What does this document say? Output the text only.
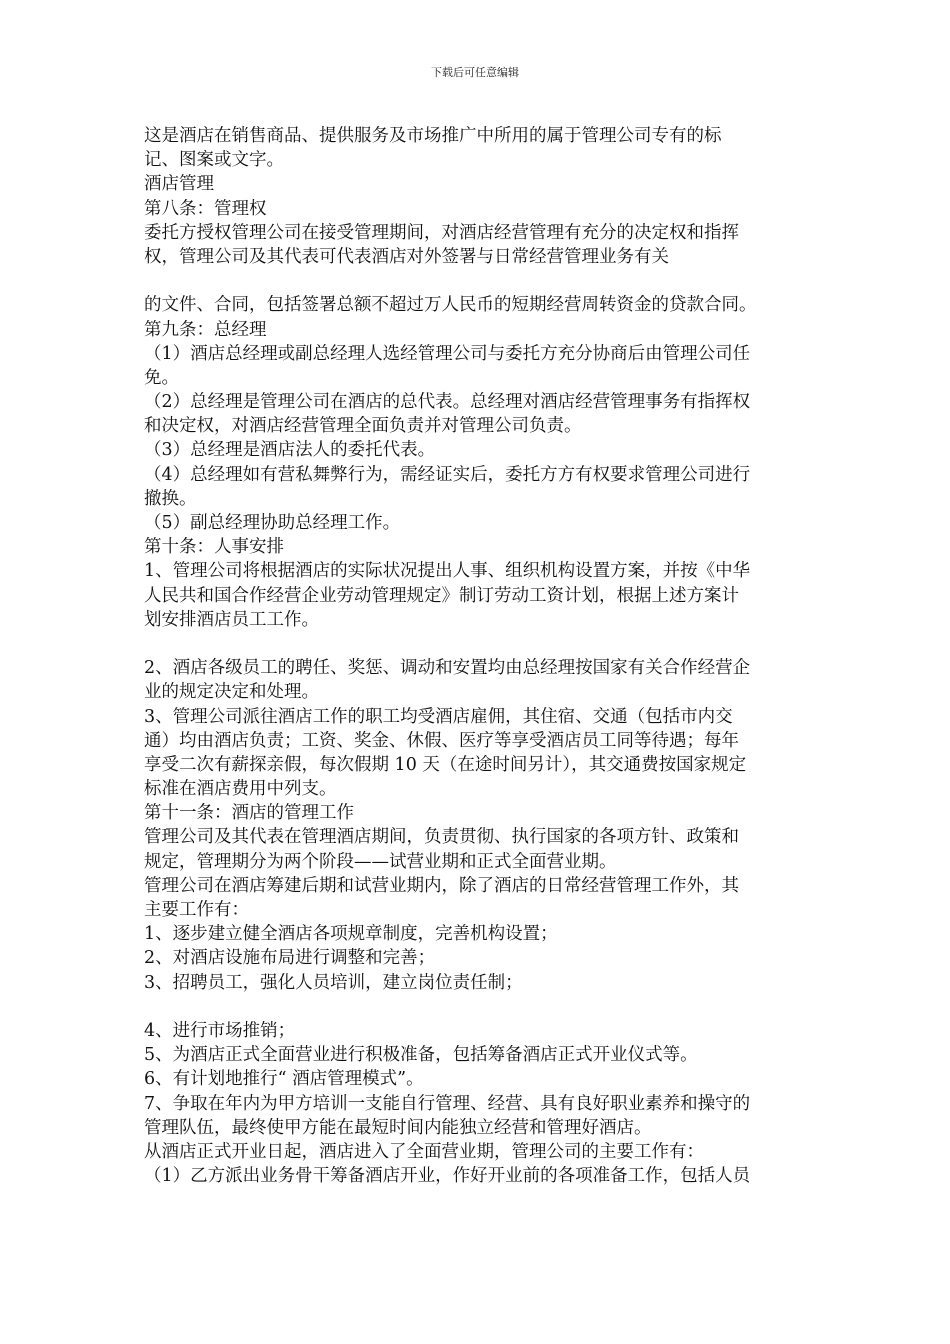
下载后可任意编辑
这是酒店在销售商品、提供服务及市场推广中所用的属于管理公司专有的标
记、图案或文字。
酒店管理
第八条：管理权
委托方授权管理公司在接受管理期间，对酒店经营管理有充分的决定权和指挥
权，管理公司及其代表可代表酒店对外签署与日常经营管理业务有关
的文件、合同，包括签署总额不超过万人民币的短期经营周转资金的贷款合同。
第九条：总经理
（1）酒店总经理或副总经理人选经管理公司与委托方充分协商后由管理公司任
免。
（2）总经理是管理公司在酒店的总代表。总经理对酒店经营管理事务有指挥权
和决定权，对酒店经营管理全面负责并对管理公司负责。
（3）总经理是酒店法人的委托代表。
（4）总经理如有营私舞弊行为，需经证实后，委托方方有权要求管理公司进行
撤换。
（5）副总经理协助总经理工作。
第十条：人事安排
1、管理公司将根据酒店的实际状况提出人事、组织机构设置方案，并按《中华
人民共和国合作经营企业劳动管理规定》制订劳动工资计划，根据上述方案计
划安排酒店员工工作。
2、酒店各级员工的聘任、奖惩、调动和安置均由总经理按国家有关合作经营企
业的规定决定和处理。
3、管理公司派往酒店工作的职工均受酒店雇佣，其住宿、交通（包括市内交
通）均由酒店负责；工资、奖金、休假、医疗等享受酒店员工同等待遇；每年
享受二次有薪探亲假，每次假期 10 天（在途时间另计），其交通费按国家规定
标准在酒店费用中列支。
第十一条：酒店的管理工作
管理公司及其代表在管理酒店期间，负责贯彻、执行国家的各项方针、政策和
规定，管理期分为两个阶段——试营业期和正式全面营业期。
管理公司在酒店筹建后期和试营业期内，除了酒店的日常经营管理工作外，其
主要工作有：
1、逐步建立健全酒店各项规章制度，完善机构设置；
2、对酒店设施布局进行调整和完善；
3、招聘员工，强化人员培训，建立岗位责任制；
4、进行市场推销；
5、为酒店正式全面营业进行积极准备，包括筹备酒店正式开业仪式等。
6、有计划地推行“ 酒店管理模式”。
7、争取在年内为甲方培训一支能自行管理、经营、具有良好职业素养和操守的
管理队伍，最终使甲方能在最短时间内能独立经营和管理好酒店。
从酒店正式开业日起，酒店进入了全面营业期，管理公司的主要工作有：
（1）乙方派出业务骨干筹备酒店开业，作好开业前的各项准备工作，包括人员
